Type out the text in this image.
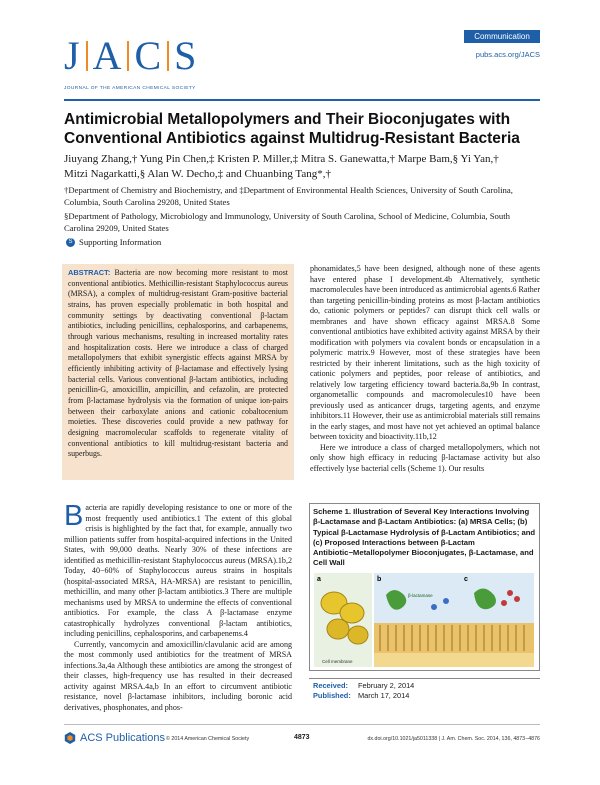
J A C S
JOURNAL OF THE AMERICAN CHEMICAL SOCIETY
Communication
pubs.acs.org/JACS
Antimicrobial Metallopolymers and Their Bioconjugates with Conventional Antibiotics against Multidrug-Resistant Bacteria
Jiuyang Zhang,† Yung Pin Chen,‡ Kristen P. Miller,‡ Mitra S. Ganewatta,† Marpe Bam,§ Yi Yan,†
Mitzi Nagarkatti,§ Alan W. Decho,‡ and Chuanbing Tang*,†
†Department of Chemistry and Biochemistry, and ‡Department of Environmental Health Sciences, University of South Carolina, Columbia, South Carolina 29208, United States
§Department of Pathology, Microbiology and Immunology, University of South Carolina, School of Medicine, Columbia, South Carolina 29209, United States
S Supporting Information

ABSTRACT: Bacteria are now becoming more resistant to most conventional antibiotics. Methicillin-resistant Staphylococcus aureus (MRSA), a complex of multidrug-resistant Gram-positive bacterial strains, has proven especially problematic in both hospital and community settings by deactivating conventional β-lactam antibiotics, including penicillins, cephalosporins, and carbapenems, through various mechanisms, resulting in increased mortality rates and hospitalization costs. Here we introduce a class of charged metallopolymers that exhibit synergistic effects against MRSA by efficiently inhibiting activity of β-lactamase and effectively lysing bacterial cells. Various conventional β-lactam antibiotics, including penicillin-G, amoxicillin, ampicillin, and cefazolin, are protected from β-lactamase hydrolysis via the formation of unique ion-pairs between their carboxylate anions and cationic cobaltocenium moieties. These discoveries could provide a new pathway for designing macromolecular scaffolds to regenerate vitality of conventional antibiotics to kill multidrug-resistant bacteria and superbugs.

Bacteria are rapidly developing resistance to one or more of the most frequently used antibiotics.1 The extent of this global crisis is highlighted by the fact that, for example, annually two million patients suffer from hospital-acquired infections in the United States, with 99,000 deaths. Nearly 30% of these infections are identified as methicillin-resistant Staphylococcus aureus (MRSA).1b,2 Today, 40−60% of Staphylococcus aureus strains in hospitals (hospital-associated MRSA, HA-MRSA) are resistant to penicillin, methicillin, and many other β-lactam antibiotics.3 There are multiple mechanisms used by MRSA to undermine the effects of conventional antibiotics. For example, the class A β-lactamase enzyme catastrophically hydrolyzes conventional β-lactam antibiotics, including penicillins, cephalosporins, and carbapenems.4

Currently, vancomycin and amoxicillin/clavulanic acid are among the most commonly used antibiotics for the treatment of MRSA infections.3a,4a Although these antibiotics are among the strongest of their classes, high-frequency use has resulted in their decreased activity against MRSA.4a,b In an effort to circumvent antibiotic resistance, novel β-lactamase inhibitors, including boronic acid derivatives, phosphonates, and phos-

phonamidates,5 have been designed, although none of these agents have entered phase I development.4b Alternatively, synthetic macromolecules have been introduced as antimicrobial agents.6 Rather than targeting penicillin-binding proteins as most β-lactam antibiotics do, cationic polymers or peptides7 can disrupt thick cell walls or membranes and have shown efficacy against MRSA.8 Some conventional antibiotics have exhibited activity against MRSA by their modification with polymers via covalent bonds or encapsulation in a polymeric matrix.9 However, most of these strategies have been restricted by their inherent limitations, such as the high toxicity of cationic polymers and peptides, poor release of antibiotics, and relatively low targeting efficiency toward bacteria.8a,9b In contrast, organometallic compounds and macromolecules10 have been previously used as anticancer drugs, targeting agents, and enzyme inhibitors.11 However, their use as antimicrobial materials still remains in the early stages, and most have not yet achieved an optimal balance between toxicity and bioactivity.11b,12

Here we introduce a class of charged metallopolymers, which not only show high efficacy in reducing β-lactamase activity but also effectively lyse bacterial cells (Scheme 1). Our results

Scheme 1. Illustration of Several Key Interactions Involving β-Lactamase and β-Lactam Antibiotics: (a) MRSA Cells; (b) Typical β-Lactamase Hydrolysis of β-Lactam Antibiotics; and (c) Proposed Interactions between β-Lactam Antibiotic−Metallopolymer Bioconjugates, β-Lactamase, and Cell Wall
a	b	c
β-lactamase
Cell membrane
Received: February 2, 2014
Published: March 17, 2014
ACS Publications © 2014 American Chemical Society	4873	dx.doi.org/10.1021/ja5011338 | J. Am. Chem. Soc. 2014, 136, 4873−4876
